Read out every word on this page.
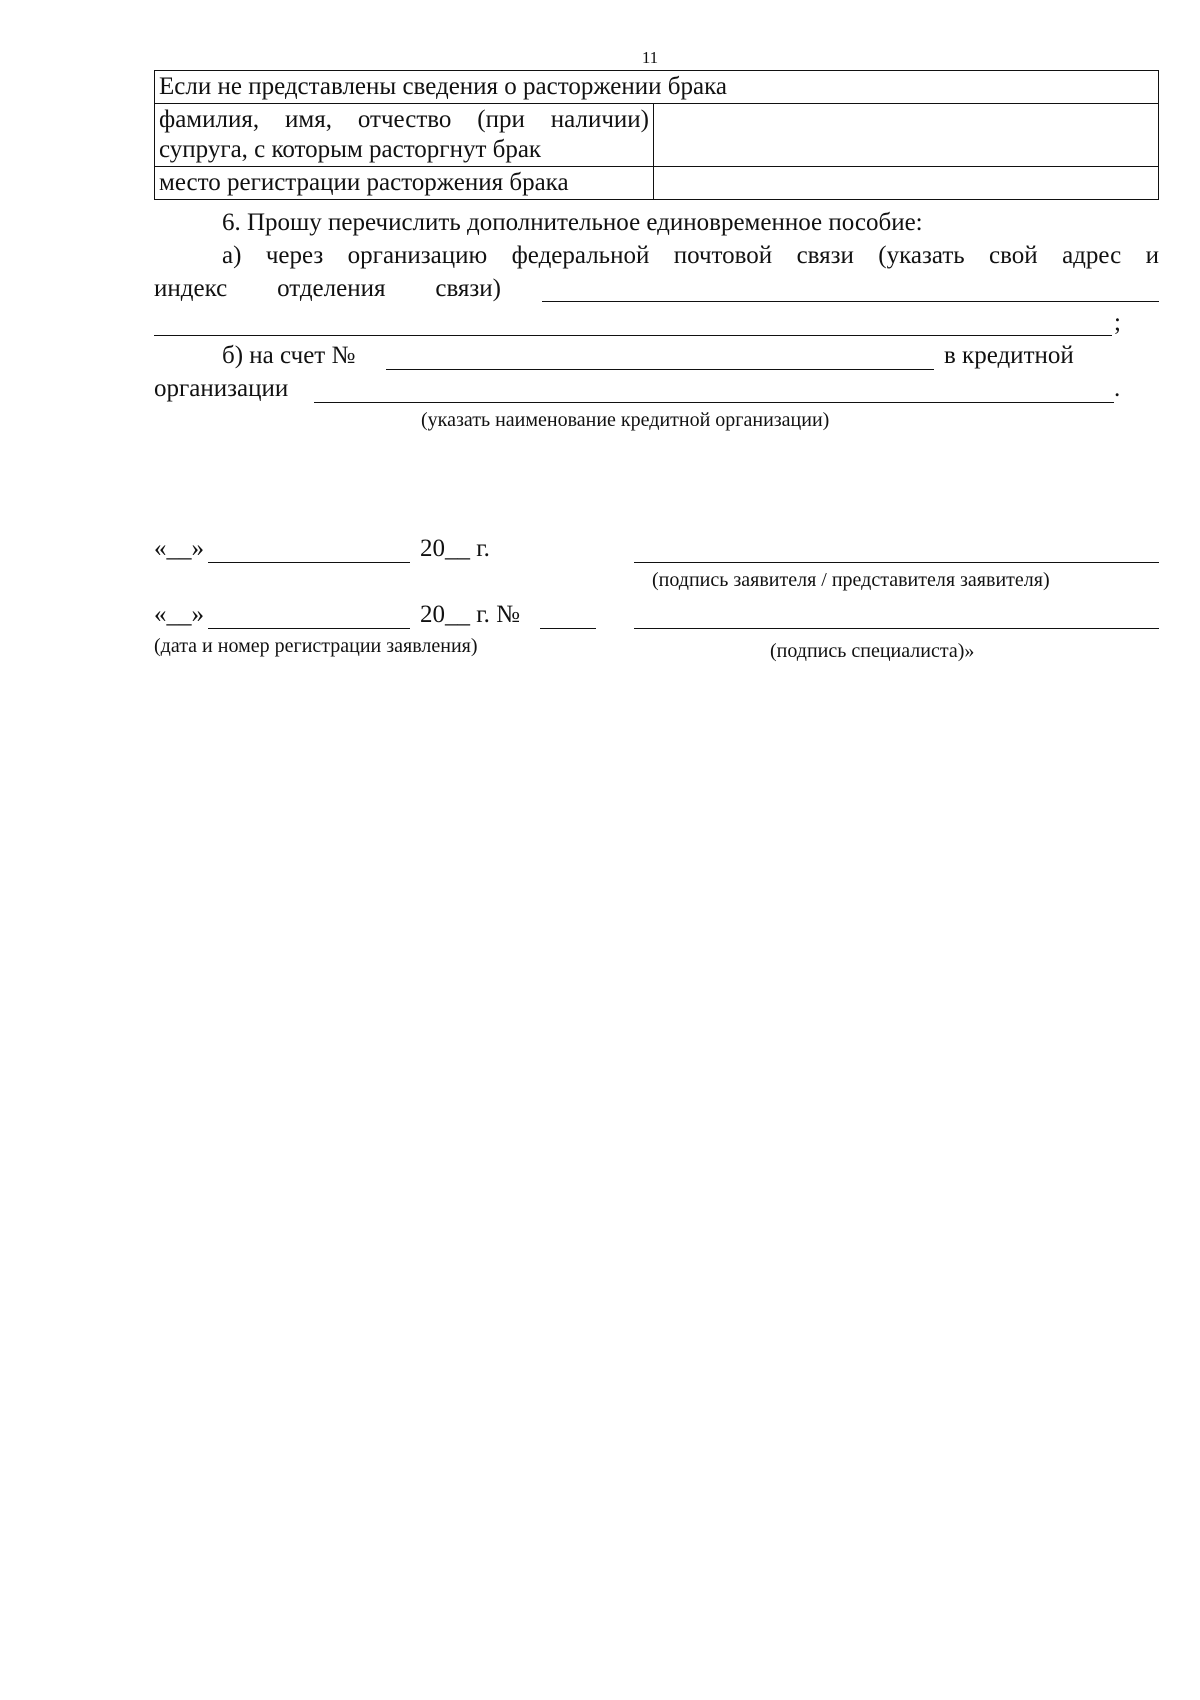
11
Если не представлены сведения о расторжении брака	

фамилия, имя, отчество (при наличии)
супруга, с которым расторгнут брак	

место регистрации расторжения брака	
6. Прошу перечислить дополнительное единовременное пособие:
а) через организацию федеральной почтовой связи (указать свой адрес и
индекс отделения связи)
;
б) на счет №	в кредитной
организации	.
(указать наименование кредитной организации)
«__»	20__ г.
(подпись заявителя / представителя заявителя)
«__»	20__ г. №
(дата и номер регистрации заявления)	(подпись специалиста)»
